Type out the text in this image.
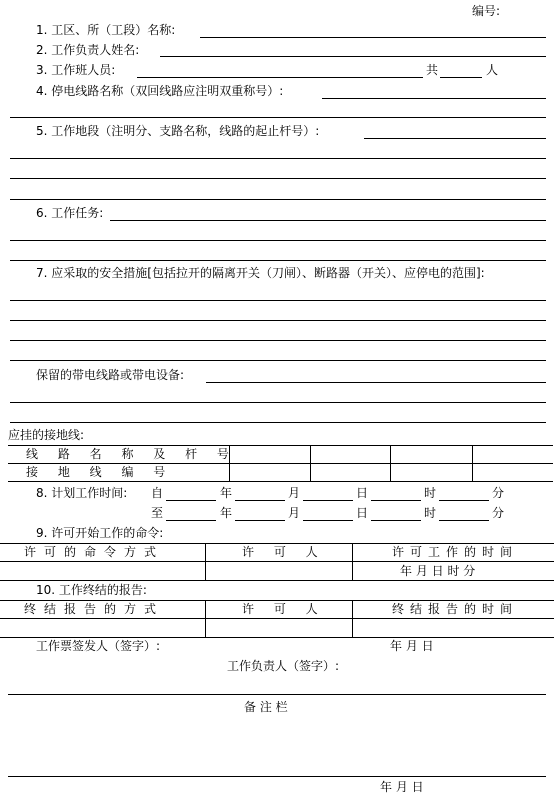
编号:
1. 工区、所（工段）名称:
2. 工作负责人姓名:
3. 工作班人员:	共	人
4. 停电线路名称（双回线路应注明双重称号）:
5. 工作地段（注明分、支路名称，线路的起止杆号）:
6. 工作任务:
7. 应采取的安全措施[包括拉开的隔离开关（刀闸）、断路器（开关）、应停电的范围]:
保留的带电线路或带电设备:
应挂的接地线:
线 路 名 称 及 杆 号
接 地 线 编 号
8. 计划工作时间: 自	年	月	日	时	分
至	年	月	日	时	分
9. 许可开始工作的命令:
许可的命令方式	许 可 人	许可工作的时间
年 月 日 时 分
10. 工作终结的报告:
终结报告的方式	许 可 人	终结报告的时间
工作票签发人（签字）:	年 月 日
工作负责人（签字）:
备 注 栏
年 月 日
